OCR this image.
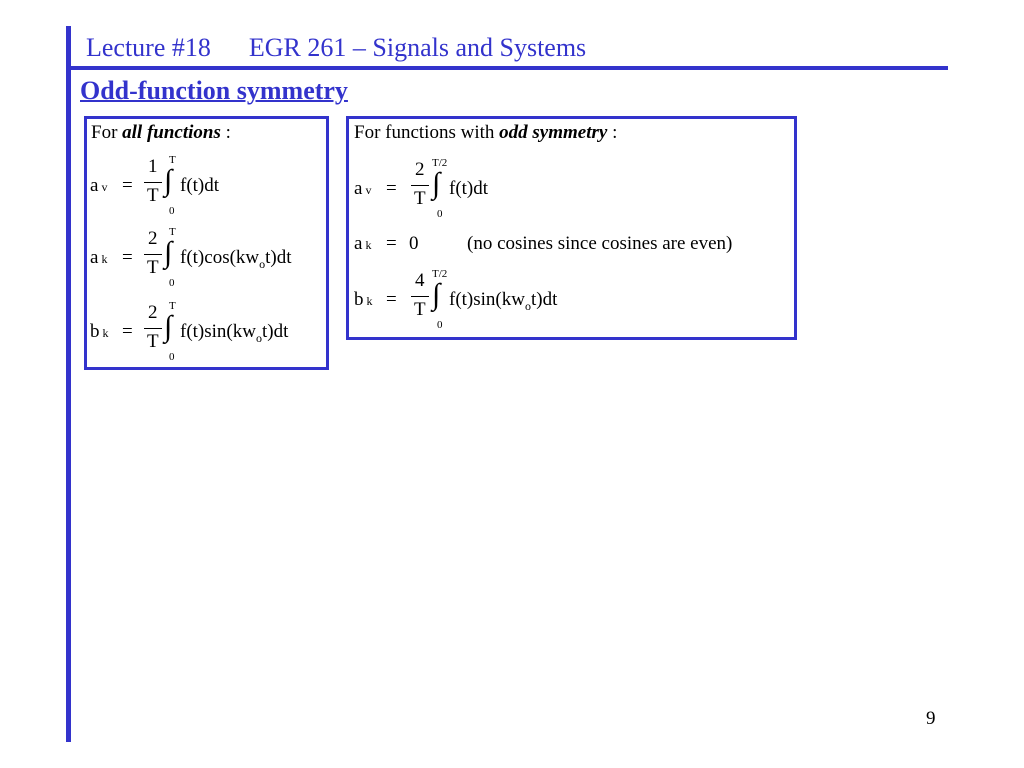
Lecture #18 EGR 261 – Signals and Systems
Odd-function symmetry
For all functions :
av =
1
T ∫
T
0
f(t)dt
ak =
2
T ∫
T
0
$f(t)\cos(kw_ot)dt$
bk =
2
T ∫
T
0
$f(t)\sin(kw_ot)dt$
For functions with odd symmetry :
av =
2
T ∫
T/2
0
f(t)dt
ak = 0	(no cosines since cosines are even)
bk =
4
T ∫
T/2
0
$f(t)\sin(kw_ot)dt$
9
